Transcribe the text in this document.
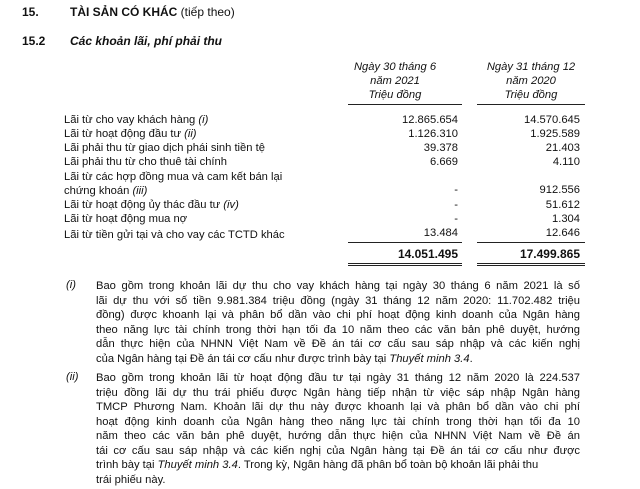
15.	TÀI SẢN CÓ KHÁC (tiếp theo)
15.2 Các khoản lãi, phí phải thu
Ngày 30 tháng 6
năm 2021
Triệu đồng
Ngày 31 tháng 12
năm 2020
Triệu đồng
Lãi từ cho vay khách hàng (i)	12.865.654	14.570.645
Lãi từ hoạt động đầu tư (ii)	1.126.310	1.925.589
Lãi phải thu từ giao dịch phái sinh tiền tệ	39.378	21.403
Lãi phải thu từ cho thuê tài chính	6.669	4.110
Lãi từ các hợp đồng mua và cam kết bán lại
chứng khoán (iii)	-	912.556
Lãi từ hoạt động ủy thác đầu tư (iv)	-	51.612
Lãi từ hoạt động mua nợ	-	1.304
Lãi từ tiền gửi tại và cho vay các TCTD khác	13.484	12.646
14.051.495	17.499.865
(i) Bao gồm trong khoản lãi dự thu cho vay khách hàng tại ngày 30 tháng 6 năm 2021 là số
lãi dự thu với số tiền 9.981.384 triệu đồng (ngày 31 tháng 12 năm 2020: 11.702.482 triệu
đồng) được khoanh lại và phân bổ dần vào chi phí hoạt động kinh doanh của Ngân hàng
theo năng lực tài chính trong thời hạn tối đa 10 năm theo các văn bản phê duyệt, hướng
dẫn thực hiện của NHNN Việt Nam về Đề án tái cơ cấu sau sáp nhập và các kiến nghị
của Ngân hàng tại Đề án tái cơ cấu như được trình bày tại Thuyết minh 3.4.
(ii) Bao gồm trong khoản lãi từ hoạt động đầu tư tại ngày 31 tháng 12 năm 2020 là 224.537
triệu đồng lãi dự thu trái phiếu được Ngân hàng tiếp nhận từ việc sáp nhập Ngân hàng
TMCP Phương Nam. Khoản lãi dự thu này được khoanh lại và phân bổ dần vào chi phí
hoạt động kinh doanh của Ngân hàng theo năng lực tài chính trong thời hạn tối đa 10
năm theo các văn bản phê duyệt, hướng dẫn thực hiện của NHNN Việt Nam về Đề án
tái cơ cấu sau sáp nhập và các kiến nghị của Ngân hàng tại Đề án tái cơ cấu như được
trình bày tại Thuyết minh 3.4. Trong kỳ, Ngân hàng đã phân bổ toàn bộ khoản lãi phải thu
trái phiếu này.
